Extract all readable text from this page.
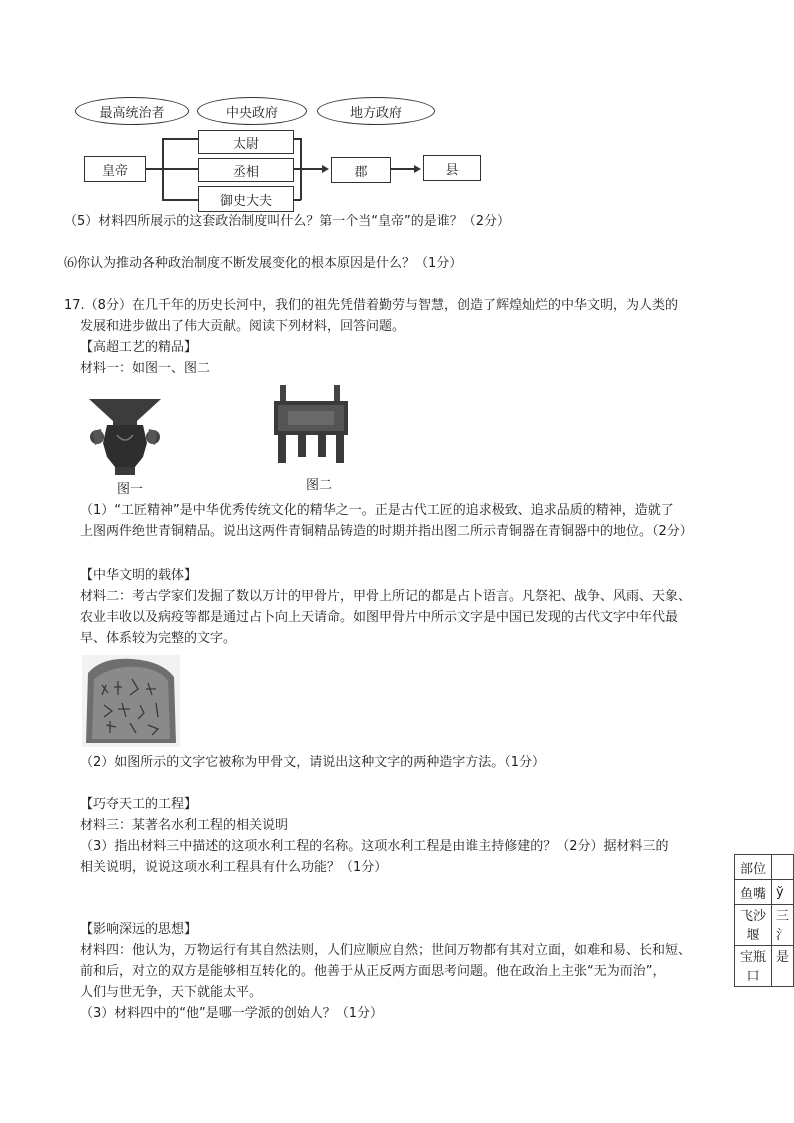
最高统治者	中央政府	地方政府
皇帝
太尉
丞相
御史大夫
郡	县
（5）材料四所展示的这套政治制度叫什么？第一个当“皇帝”的是谁？（2分）
⑹你认为推动各种政治制度不断发展变化的根本原因是什么？（1分）
17.（8分）在几千年的历史长河中，我们的祖先凭借着勤劳与智慧，创造了辉煌灿烂的中华文明，为人类的
发展和进步做出了伟大贡献。阅读下列材料，回答问题。
【高超工艺的精品】
材料一：如图一、图二
图一	图二
（1）“工匠精神”是中华优秀传统文化的精华之一。正是古代工匠的追求极致、追求品质的精神，造就了
上图两件绝世青铜精品。说出这两件青铜精品铸造的时期并指出图二所示青铜器在青铜器中的地位。（2分）
【中华文明的载体】
材料二：考古学家们发掘了数以万计的甲骨片，甲骨上所记的都是占卜语言。凡祭祀、战争、风雨、天象、
农业丰收以及病疫等都是通过占卜向上天请命。如图甲骨片中所示文字是中国已发现的古代文字中年代最
早、体系较为完整的文字。
（2）如图所示的文字它被称为甲骨文，请说出这种文字的两种造字方法。（1分）
【巧夺天工的工程】
材料三：某著名水利工程的相关说明
（3）指出材料三中描述的这项水利工程的名称。这项水利工程是由谁主持修建的？（2分）据材料三的
相关说明，说说这项水利工程具有什么功能？（1分）	部位	
鱼嘴	ў
飞沙堰	三 氵
宝瓶口	是
【影响深远的思想】
材料四：他认为，万物运行有其自然法则，人们应顺应自然；世间万物都有其对立面，如难和易、长和短、
前和后，对立的双方是能够相互转化的。他善于从正反两方面思考问题。他在政治上主张“无为而治”，
人们与世无争，天下就能太平。
（3）材料四中的“他”是哪一学派的创始人？（1分）
